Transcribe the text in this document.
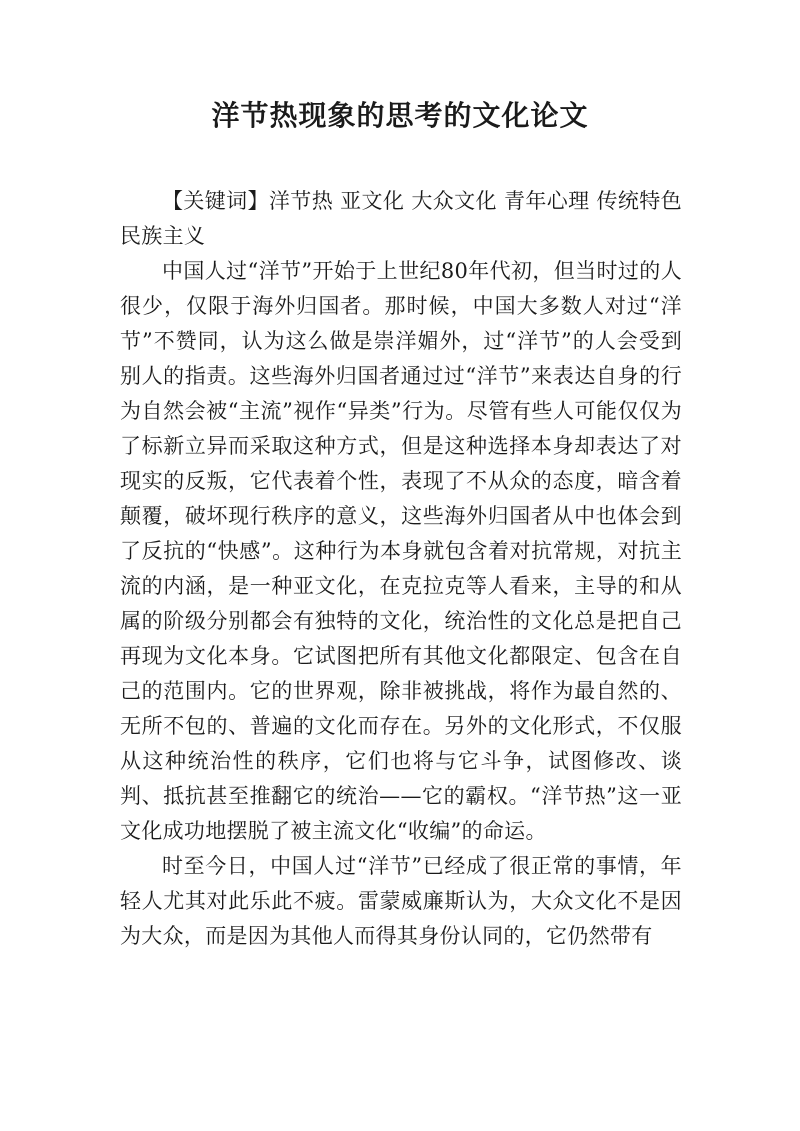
洋节热现象的思考的文化论文

【关键词】洋节热 亚文化 大众文化 青年心理 传统特色 民族主义

中国人过“洋节”开始于上世纪80年代初，但当时过的人很少，仅限于海外归国者。那时候，中国大多数人对过“洋节”不赞同，认为这么做是崇洋媚外，过“洋节”的人会受到别人的指责。这些海外归国者通过过“洋节”来表达自身的行为自然会被“主流”视作“异类”行为。尽管有些人可能仅仅为了标新立异而采取这种方式，但是这种选择本身却表达了对现实的反叛，它代表着个性，表现了不从众的态度，暗含着颠覆，破坏现行秩序的意义，这些海外归国者从中也体会到了反抗的“快感”。这种行为本身就包含着对抗常规，对抗主流的内涵，是一种亚文化，在克拉克等人看来，主导的和从属的阶级分别都会有独特的文化，统治性的文化总是把自己再现为文化本身。它试图把所有其他文化都限定、包含在自己的范围内。它的世界观，除非被挑战，将作为最自然的、无所不包的、普遍的文化而存在。另外的文化形式，不仅服从这种统治性的秩序，它们也将与它斗争，试图修改、谈判、抵抗甚至推翻它的统治——它的霸权。“洋节热”这一亚文化成功地摆脱了被主流文化“收编”的命运。

时至今日，中国人过“洋节”已经成了很正常的事情，年轻人尤其对此乐此不疲。雷蒙威廉斯认为，大众文化不是因为大众，而是因为其他人而得其身份认同的，它仍然带有
